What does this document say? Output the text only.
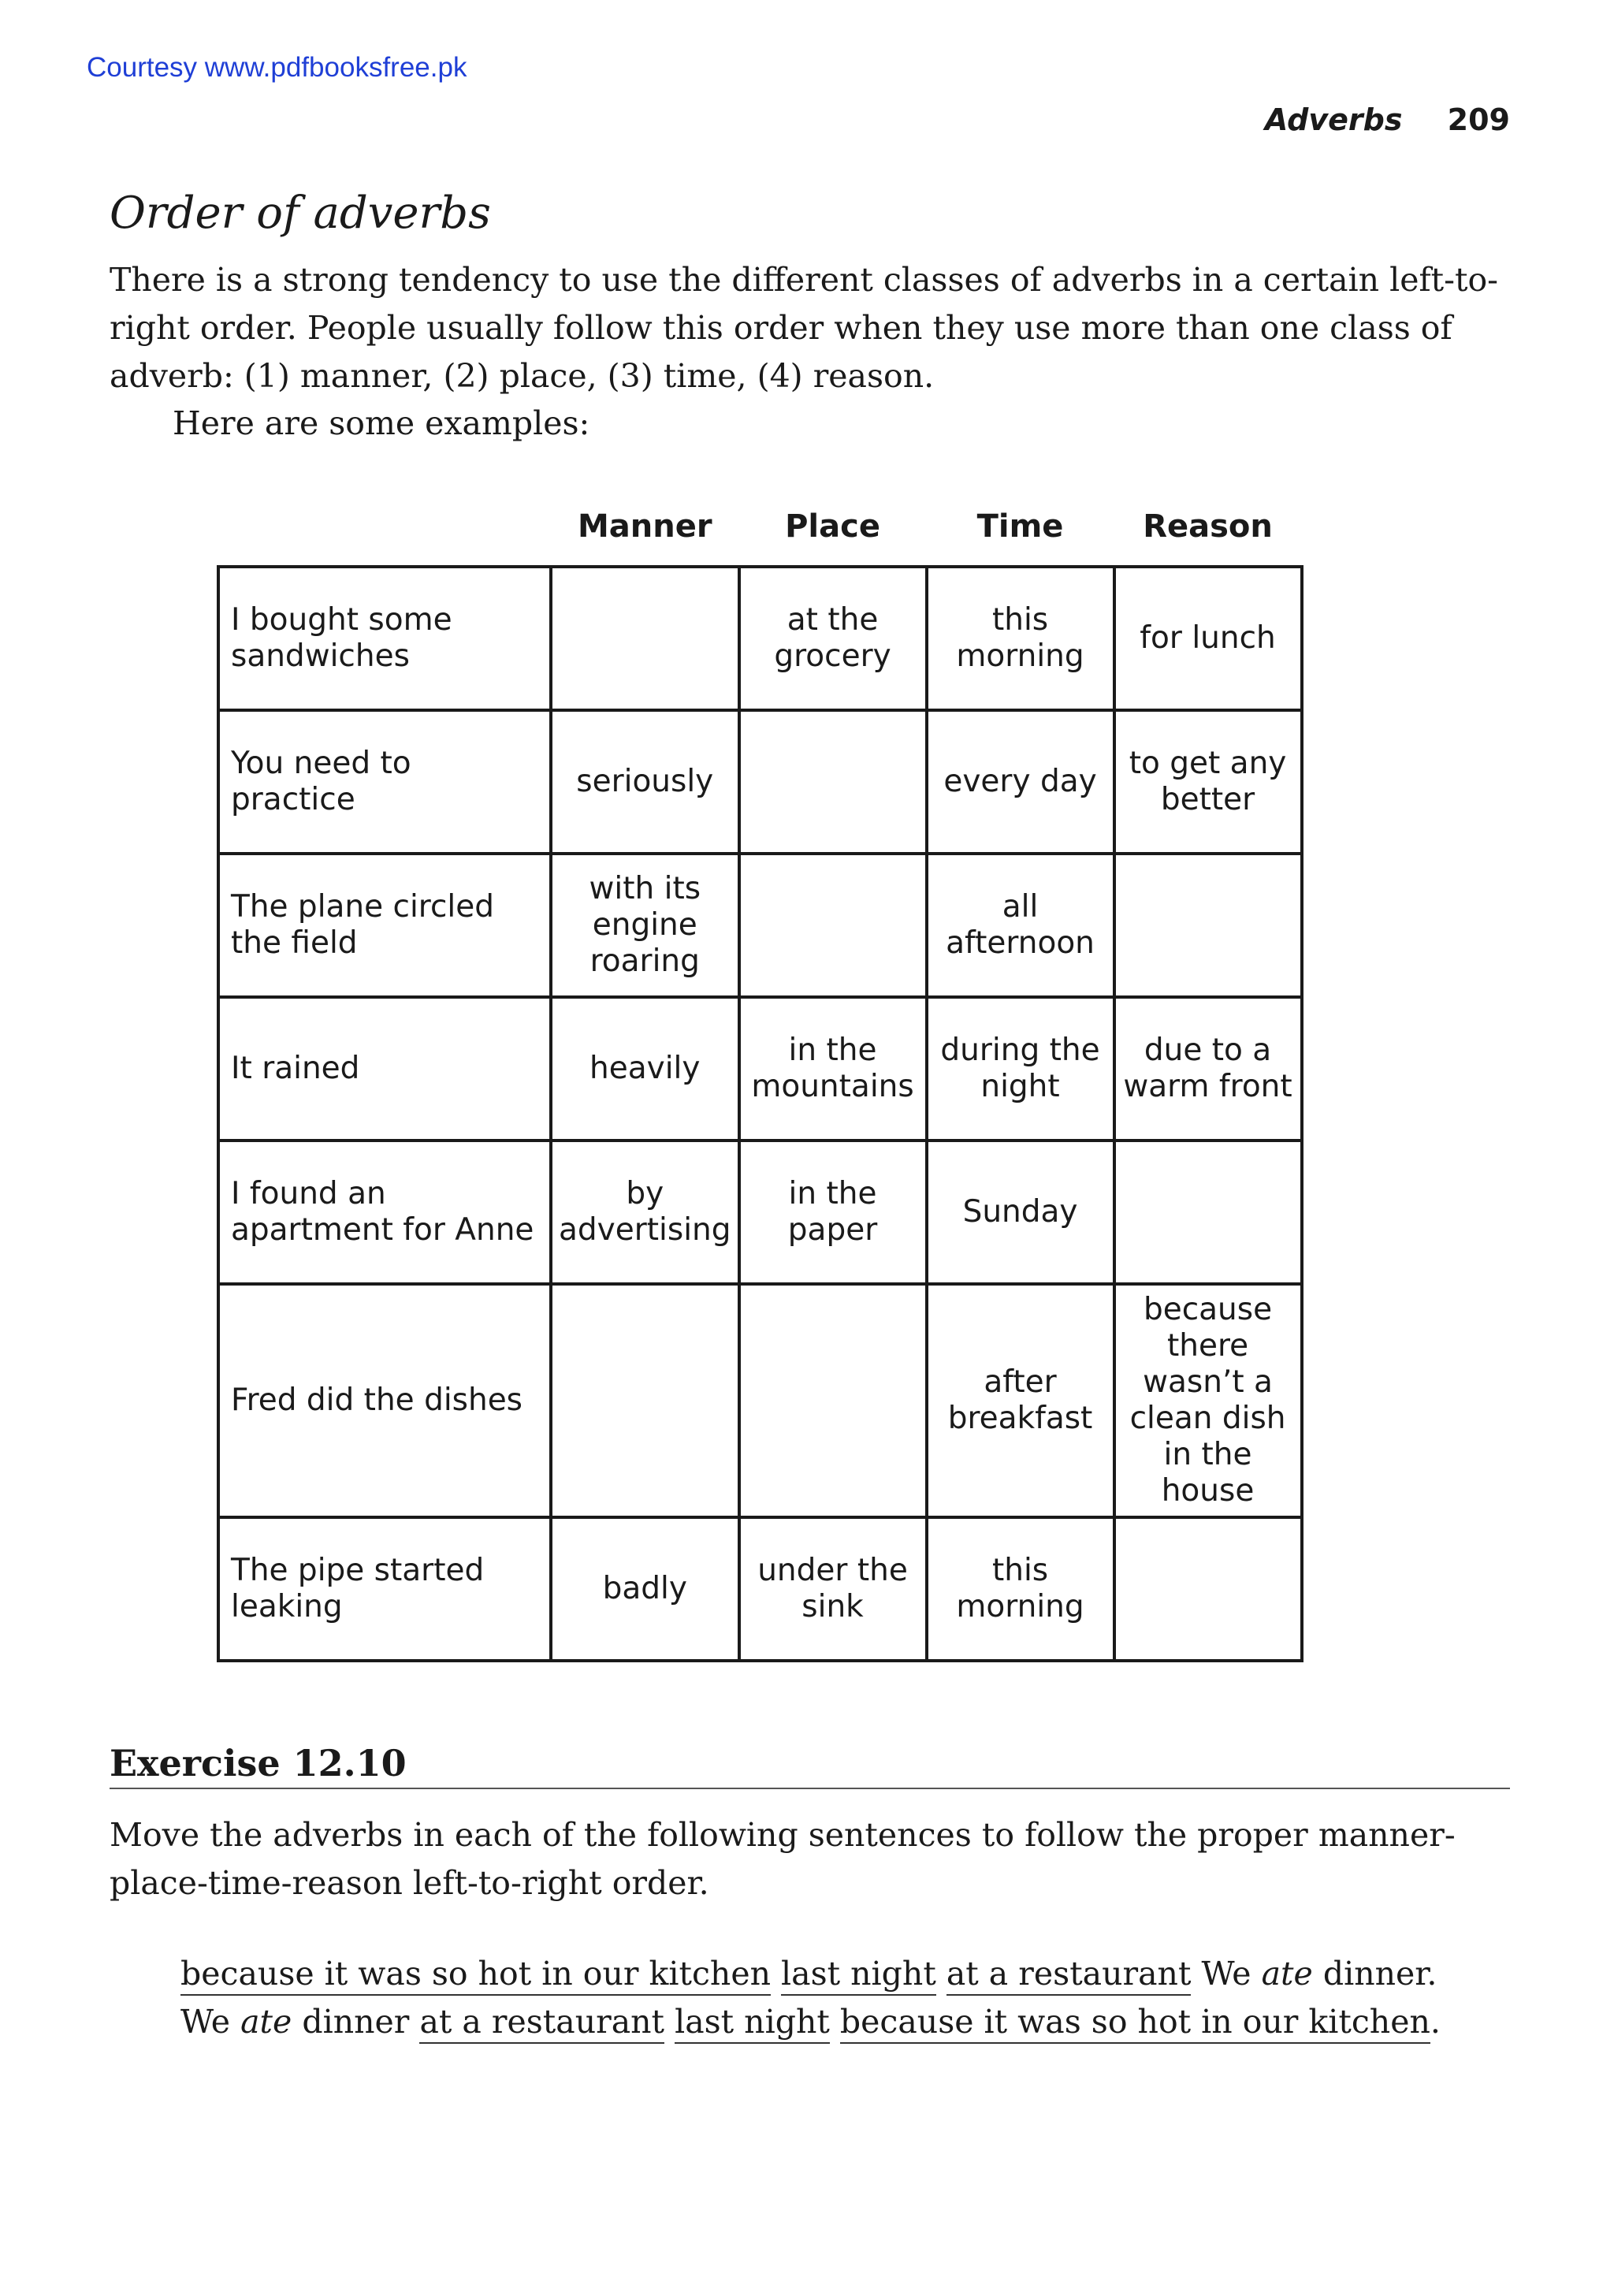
Courtesy www.pdfbooksfree.pk
Adverbs 209
Order of adverbs

There is a strong tendency to use the different classes of adverbs in a certain left-to-right order. People usually follow this order when they use more than one class of adverb: (1) manner, (2) place, (3) time, (4) reason.

Here are some examples:

	Manner	Place	Time	Reason
I bought some sandwiches		at the grocery	this morning	for lunch
You need to practice	seriously		every day	to get any better
The plane circled the field	with its engine roaring		all afternoon	
It rained	heavily	in the mountains	during the night	due to a warm front
I found an apartment for Anne	by advertising	in the paper	Sunday	
Fred did the dishes			after breakfast	because there wasn’t a clean dish in the house
The pipe started leaking	badly	under the sink	this morning	
Exercise 12.10

Move the adverbs in each of the following sentences to follow the proper manner-place-time-reason left-to-right order.

because it was so hot in our kitchen last night at a restaurant We ate dinner.
We ate dinner at a restaurant last night because it was so hot in our kitchen.
